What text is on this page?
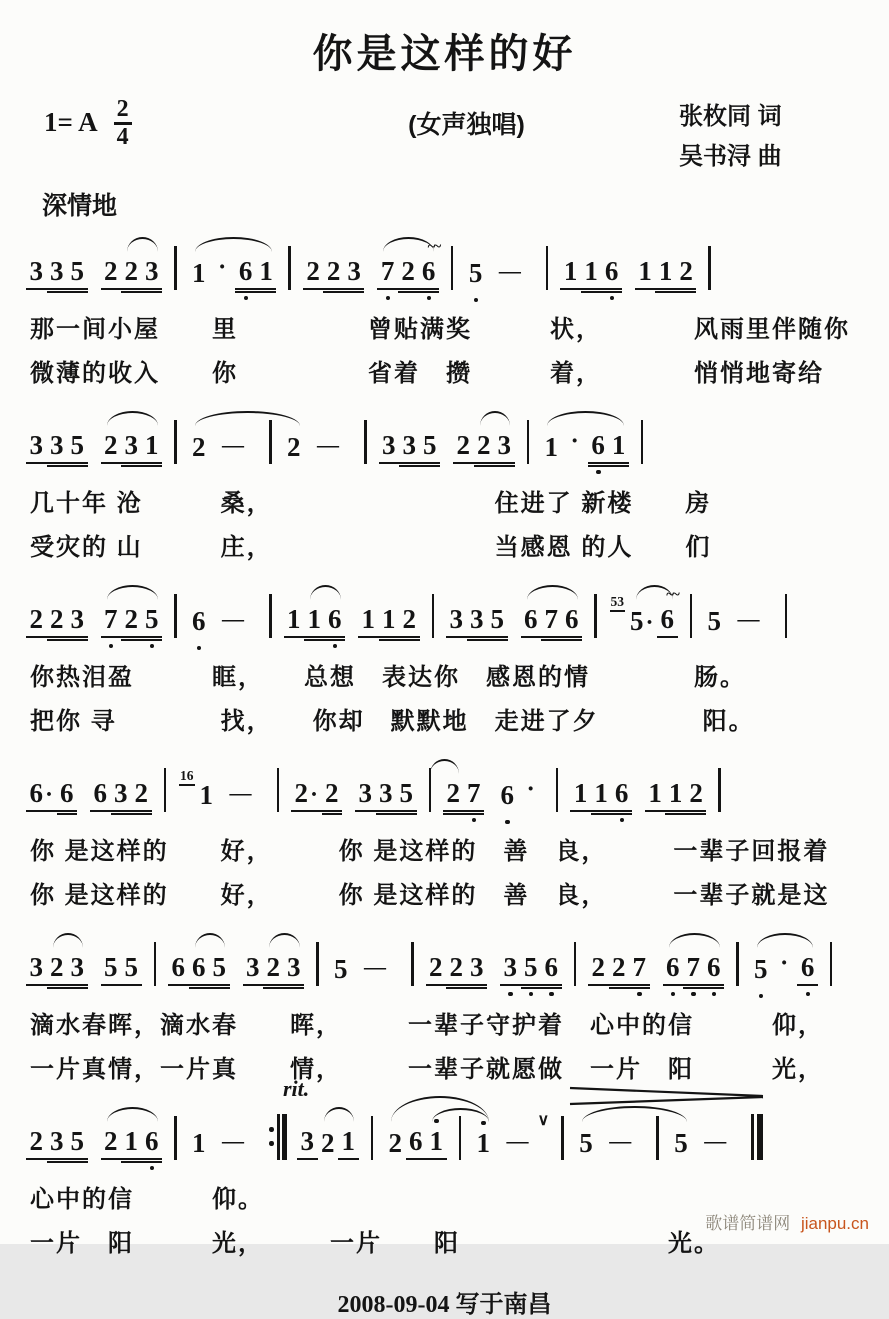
你是这样的好
1= A $\frac{2}{4}$	(女声独唱)	张枚同 词
吴书浔 曲
深情地
3 3 5 2 2 3 1 · 6 1 2 2 3 7 2 6
~~
5 — 1 1 6 1 1 2
那一间小屋　　里　　　　　曾贴满奖　　　状，　　　　风雨里伴随你
微薄的收入　　你　　　　　省着　攒　　　着，　　　　悄悄地寄给
3 3 5 2 3 1 2 — 2 — 3 3 5 2 2 3 1 · 6 1
几十年 沧　　　桑，　　　　　　　　　住进了 新楼　　房
受灾的 山　　　庄，　　　　　　　　　当感恩 的人　　们
2 2 3 7 2 5 6 — 1 1 6 1 1 2 3 3 5 6 7 6
53
5· 6
~~
5 —
你热泪盈　　　眶，　　总想　表达你　感恩的情　　　　肠。
把你 寻　　　　找，　　你却　默默地　走进了夕　　　　阳。
6· 6 6 3 2
16
1 — 2· 2 3 3 5 2 7 6 · 1 1 6 1 1 2
你 是这样的　　好，　　　你 是这样的　善　良，　　　一辈子回报着
你 是这样的　　好，　　　你 是这样的　善　良，　　　一辈子就是这
3 2 3 5 5 6 6 5 3 2 3 5 — 2 2 3 3 5 6 2 2 7 6 7 6 5 · 6
滴水春晖，滴水春　　晖，　　　一辈子守护着　心中的信　　　仰，
一片真情，一片真　　情，　　　一辈子就愿做　一片　阳　　　光，
2 3 5 2 1 6 1 — 3 2 1 2 6 1 1 —
∨
5 — 5 —
rit.
心中的信　　　仰。
一片　阳　　　光，　　　一片　　阳　　　　　　　　光。
2008-09-04 写于南昌
歌谱简谱网 jianpu.cn
